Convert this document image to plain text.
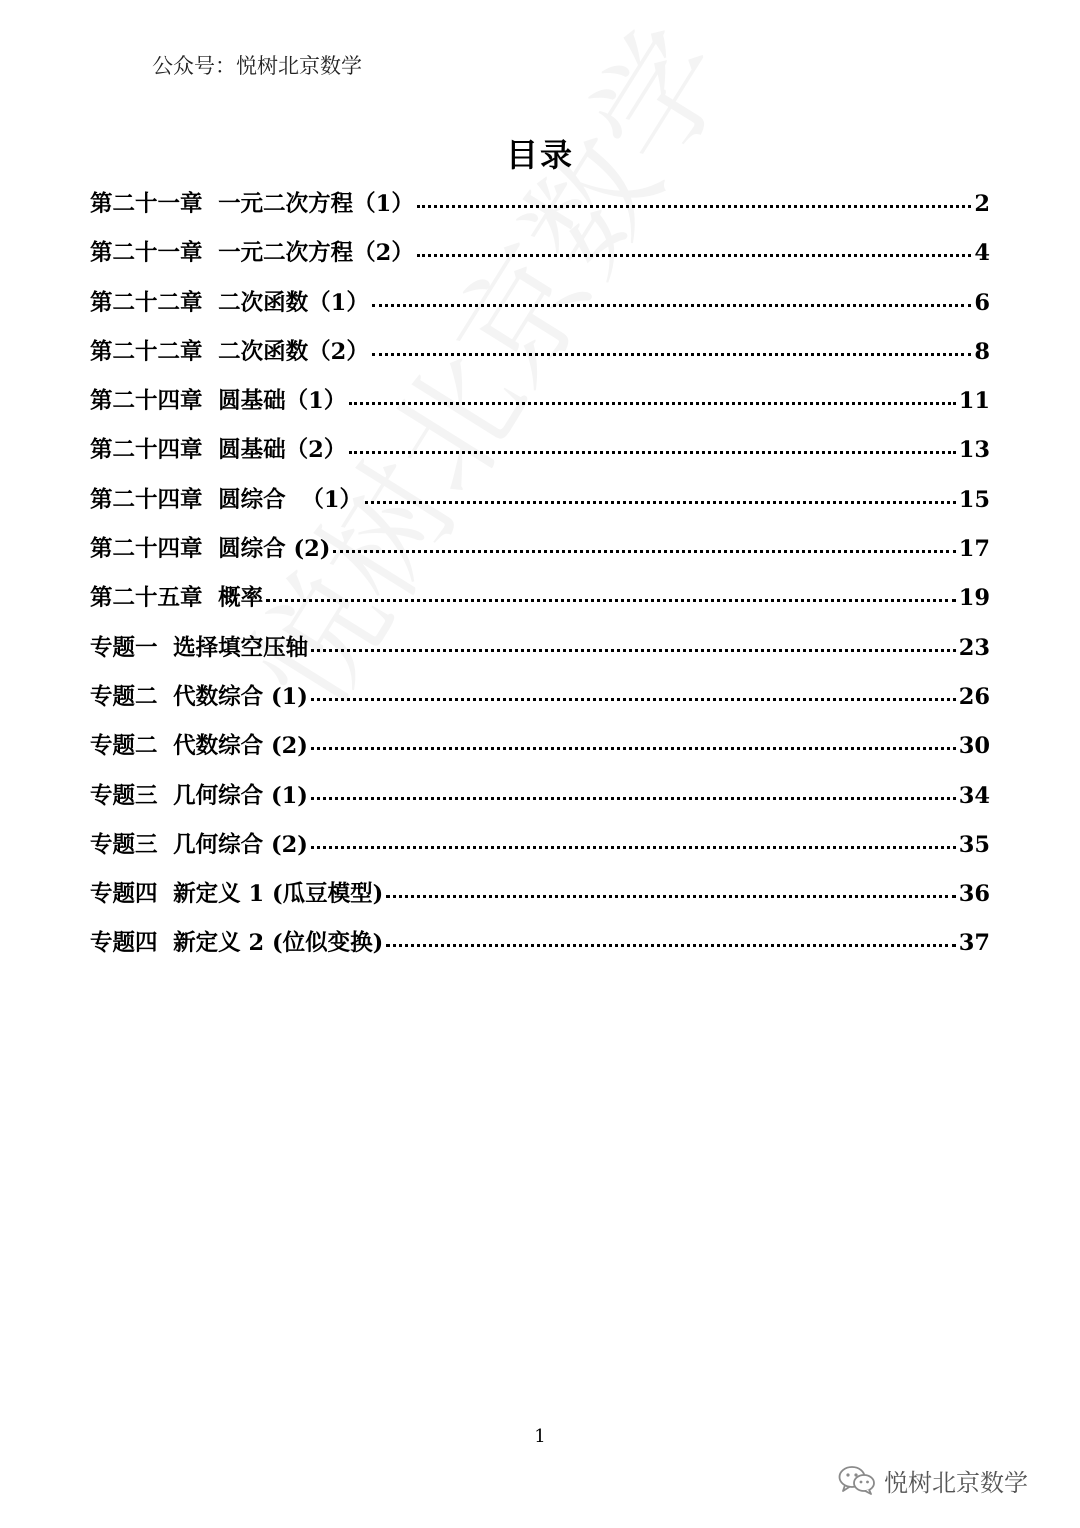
公众号：悦树北京数学
目录
第二十一章  一元二次方程（1）	2
第二十一章  一元二次方程（2）	4
第二十二章  二次函数（1）	6
第二十二章  二次函数（2）	8
第二十四章  圆基础（1）	11
第二十四章  圆基础（2）	13
第二十四章  圆综合  （1）	15
第二十四章  圆综合 (2)	17
第二十五章  概率	19
专题一  选择填空压轴	23
专题二  代数综合 (1)	26
专题二  代数综合 (2)	30
专题三  几何综合 (1)	34
专题三  几何综合 (2)	35
专题四  新定义 1 (瓜豆模型)	36
专题四  新定义 2 (位似变换)	37
1
悦树北京数学
